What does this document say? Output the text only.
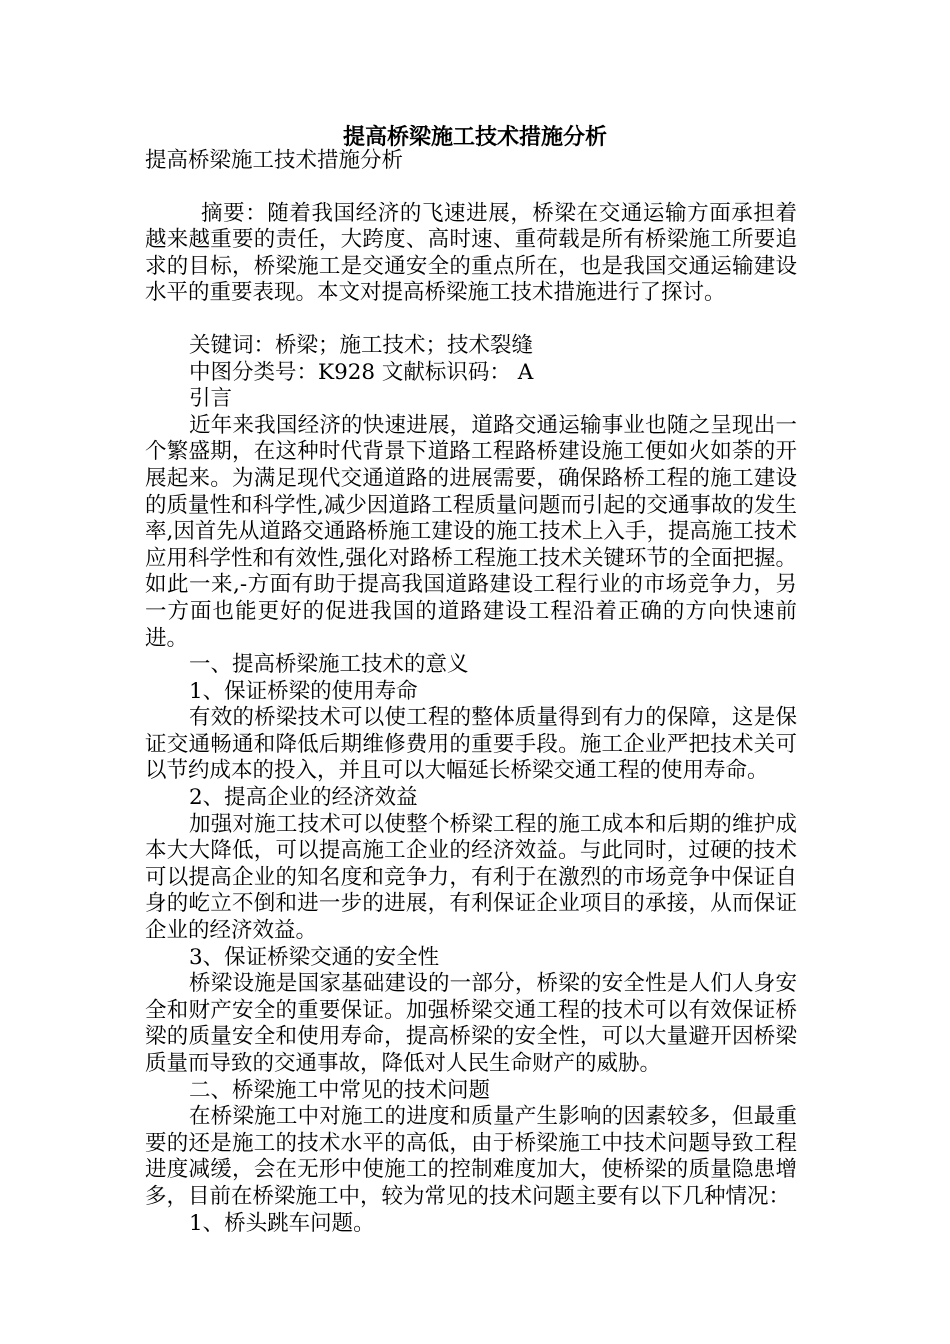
提高桥梁施工技术措施分析

提高桥梁施工技术措施分析

摘要：随着我国经济的飞速进展，桥梁在交通运输方面承担着越来越重要的责任，大跨度、高时速、重荷载是所有桥梁施工所要追求的目标，桥梁施工是交通安全的重点所在，也是我国交通运输建设水平的重要表现。本文对提高桥梁施工技术措施进行了探讨。

关键词：桥梁；施工技术；技术裂缝

中图分类号：K928 文献标识码： A

引言

近年来我国经济的快速进展，道路交通运输事业也随之呈现出一个繁盛期，在这种时代背景下道路工程路桥建设施工便如火如荼的开展起来。为满足现代交通道路的进展需要，确保路桥工程的施工建设的质量性和科学性,减少因道路工程质量问题而引起的交通事故的发生率,因首先从道路交通路桥施工建设的施工技术上入手，提高施工技术应用科学性和有效性,强化对路桥工程施工技术关键环节的全面把握。如此一来,-方面有助于提高我国道路建设工程行业的市场竞争力，另一方面也能更好的促进我国的道路建设工程沿着正确的方向快速前进。

一、提高桥梁施工技术的意义

1、保证桥梁的使用寿命

有效的桥梁技术可以使工程的整体质量得到有力的保障，这是保证交通畅通和降低后期维修费用的重要手段。施工企业严把技术关可以节约成本的投入，并且可以大幅延长桥梁交通工程的使用寿命。

2、提高企业的经济效益

加强对施工技术可以使整个桥梁工程的施工成本和后期的维护成本大大降低，可以提高施工企业的经济效益。与此同时，过硬的技术可以提高企业的知名度和竞争力，有利于在激烈的市场竞争中保证自身的屹立不倒和进一步的进展，有利保证企业项目的承接，从而保证企业的经济效益。

3、保证桥梁交通的安全性

桥梁设施是国家基础建设的一部分，桥梁的安全性是人们人身安全和财产安全的重要保证。加强桥梁交通工程的技术可以有效保证桥梁的质量安全和使用寿命，提高桥梁的安全性，可以大量避开因桥梁质量而导致的交通事故，降低对人民生命财产的威胁。

二、桥梁施工中常见的技术问题

在桥梁施工中对施工的进度和质量产生影响的因素较多，但最重要的还是施工的技术水平的高低，由于桥梁施工中技术问题导致工程进度减缓，会在无形中使施工的控制难度加大，使桥梁的质量隐患增多，目前在桥梁施工中，较为常见的技术问题主要有以下几种情况：

1、桥头跳车问题。
